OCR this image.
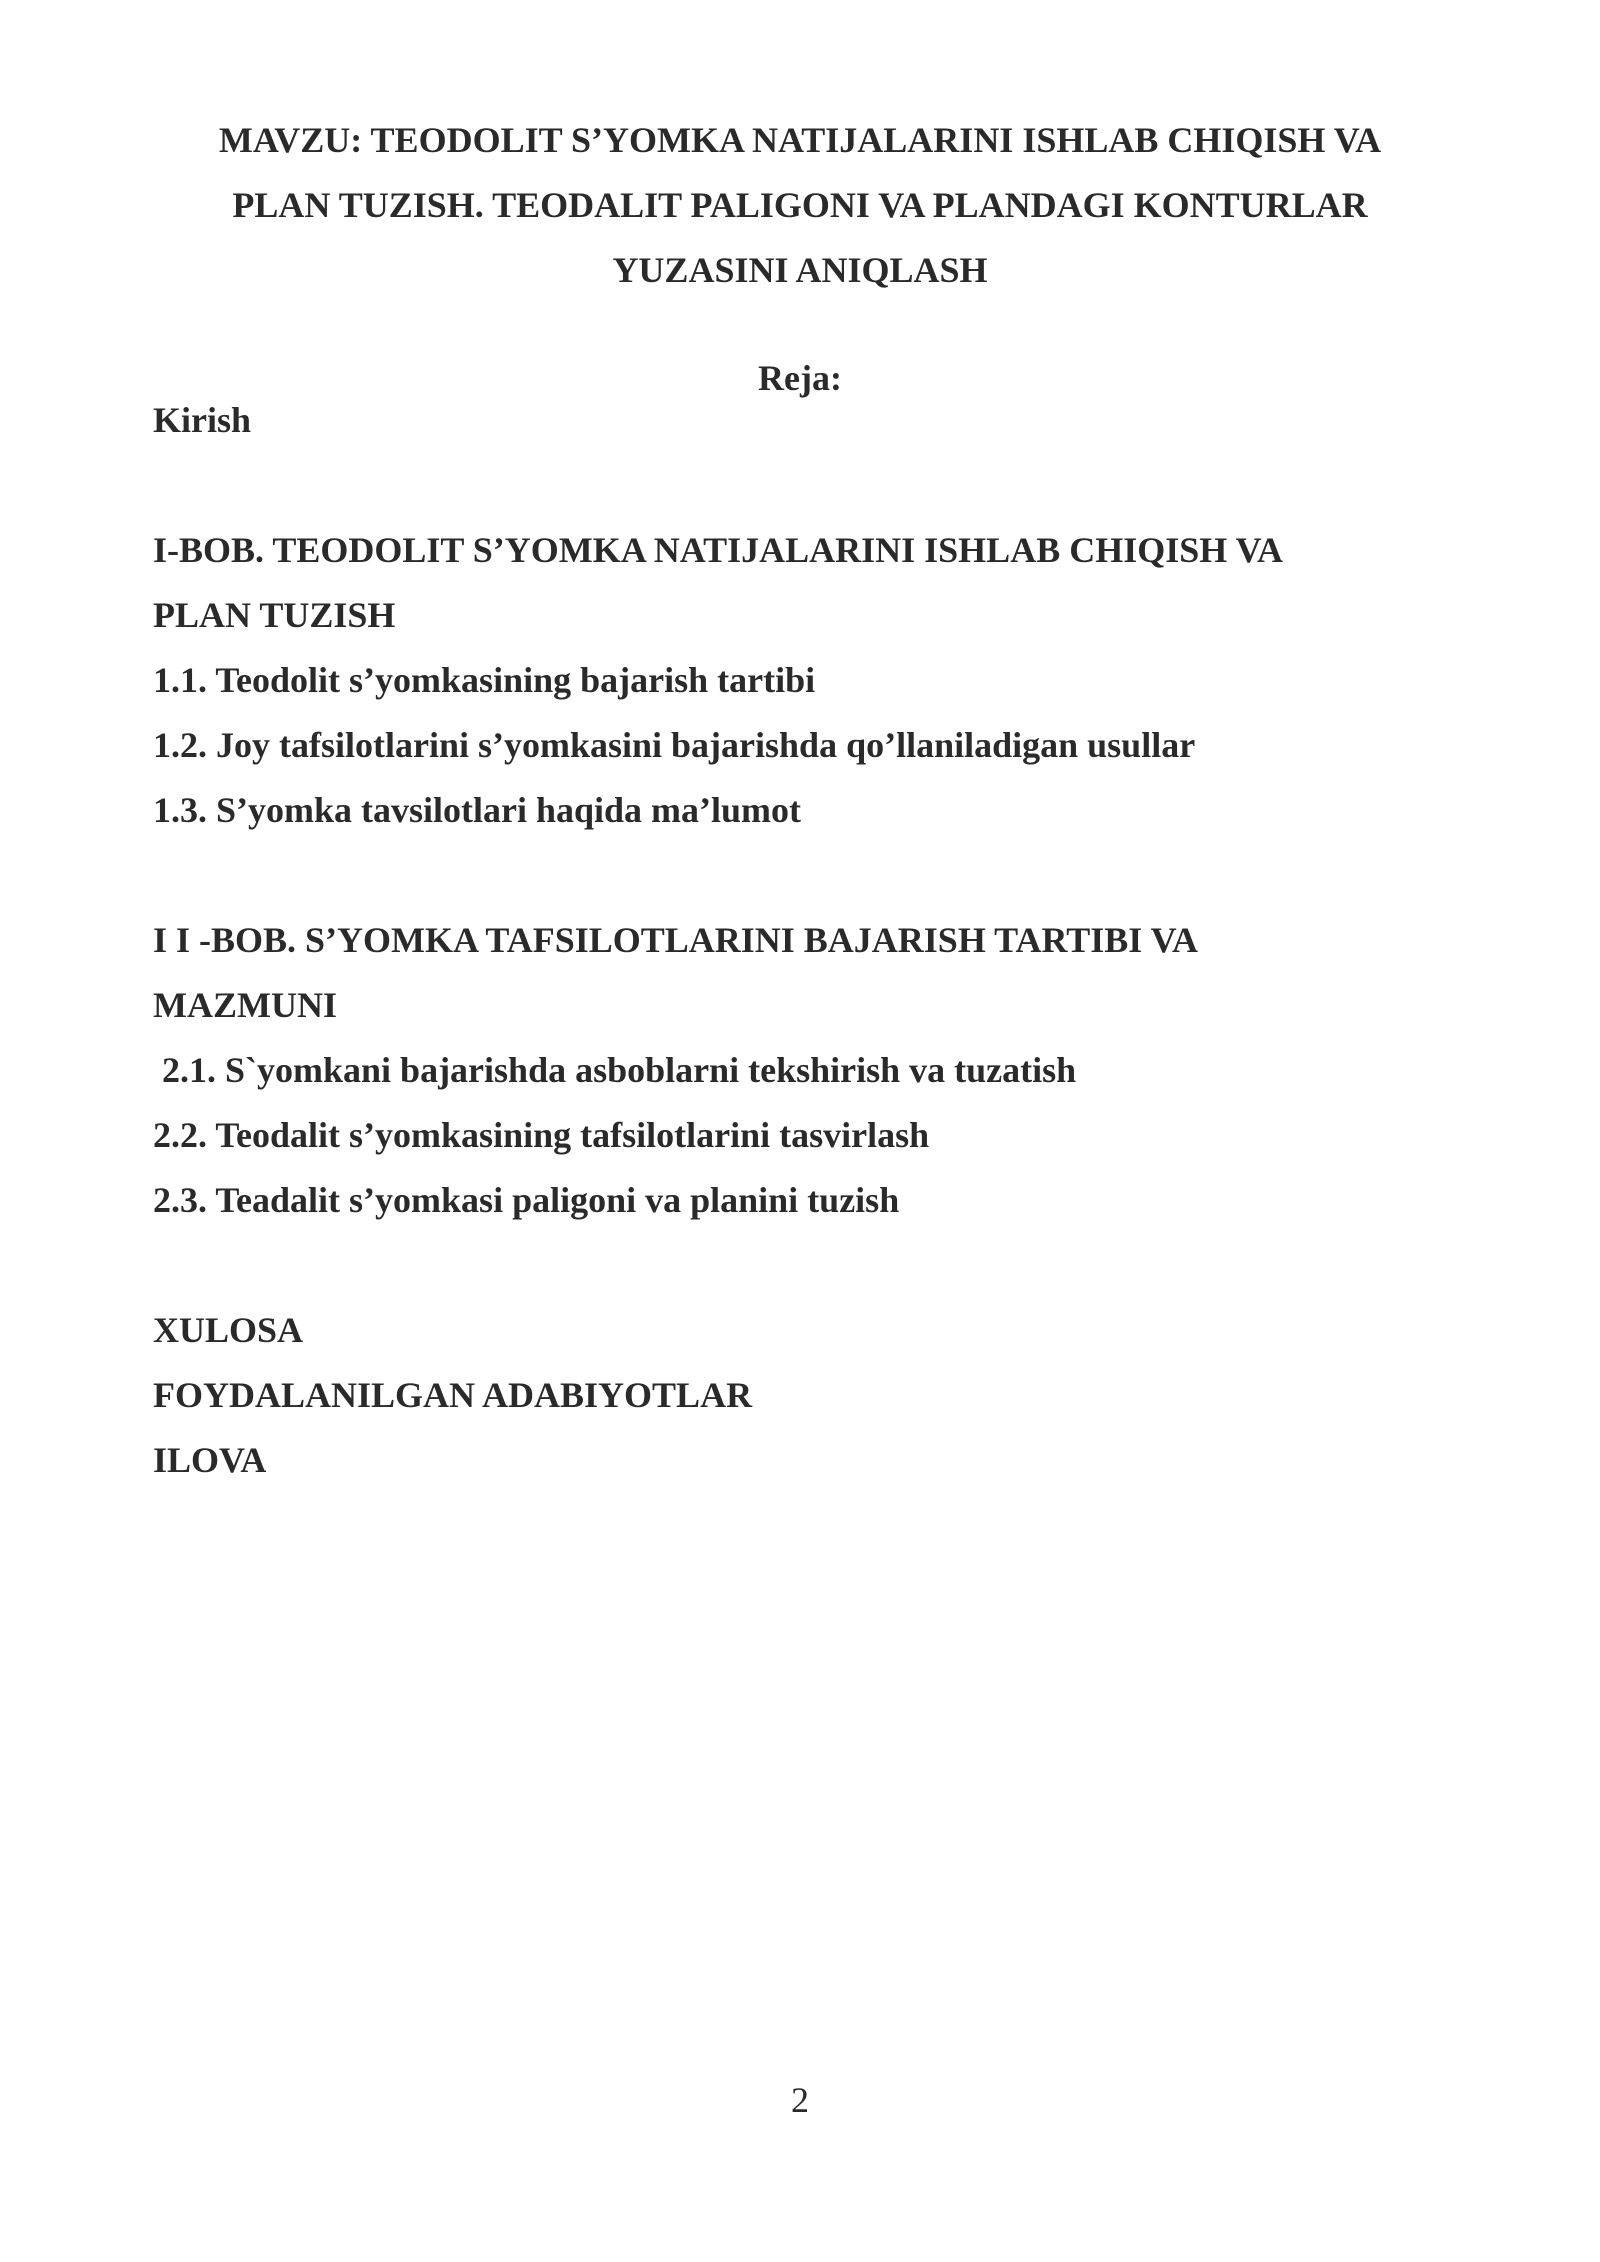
MAVZU: TEODOLIT S’YOMKA NATIJALARINI ISHLAB CHIQISH VA
PLAN TUZISH. TEODALIT PALIGONI VA PLANDAGI KONTURLAR
YUZASINI ANIQLASH
Reja:
Kirish
I-BOB. TEODOLIT S’YOMKA NATIJALARINI ISHLAB CHIQISH VA
PLAN TUZISH
1.1. Teodolit s’yomkasining bajarish tartibi
1.2. Joy tafsilotlarini s’yomkasini bajarishda qo’llaniladigan usullar
1.3. S’yomka tavsilotlari haqida ma’lumot
I I -BOB. S’YOMKA TAFSILOTLARINI BAJARISH TARTIBI VA
MAZMUNI
2.1. S`yomkani bajarishda asboblarni tekshirish va tuzatish
2.2. Teodalit s’yomkasining tafsilotlarini tasvirlash
2.3. Teadalit s’yomkasi paligoni va planini tuzish
XULOSA
FOYDALANILGAN ADABIYOTLAR
ILOVA
2
